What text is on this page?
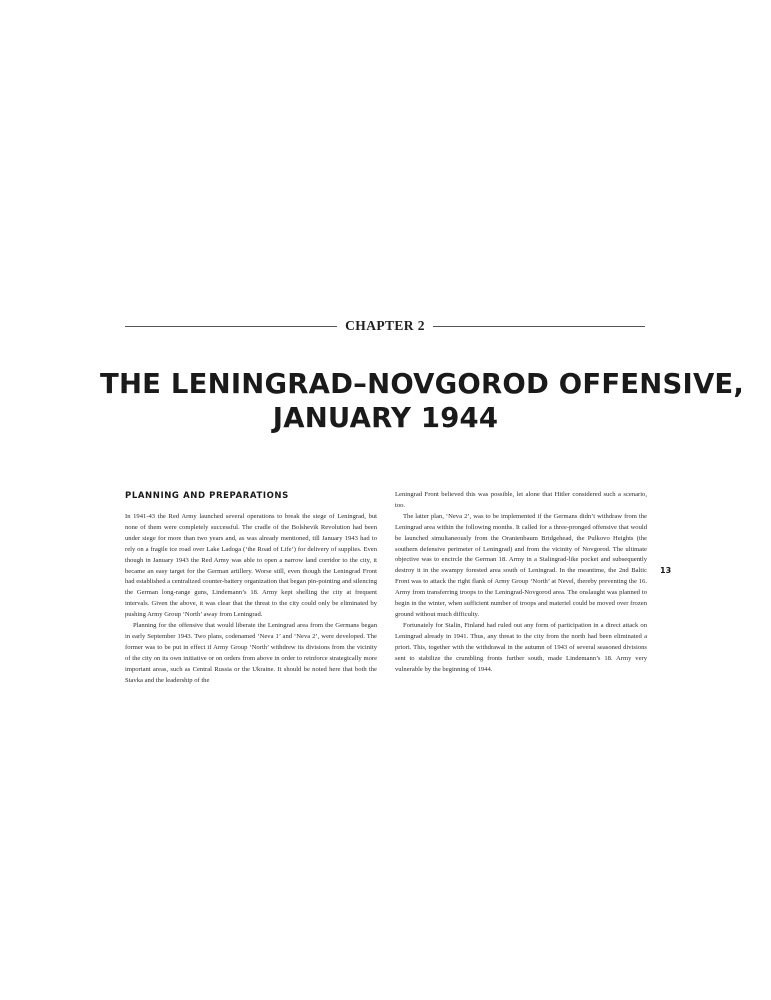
CHAPTER 2
THE LENINGRAD–NOVGOROD OFFENSIVE,
JANUARY 1944
PLANNING AND PREPARATIONS

In 1941-43 the Red Army launched several operations to break the siege of Leningrad, but none of them were completely successful. The cradle of the Bolshevik Revolution had been under siege for more than two years and, as was already mentioned, till January 1943 had to rely on a fragile ice road over Lake Ladoga (‘the Road of Life’) for delivery of supplies. Even though in January 1943 the Red Army was able to open a narrow land corridor to the city, it became an easy target for the German artillery. Worse still, even though the Leningrad Front had established a centralized counter-battery organization that began pin-pointing and silencing the German long-range guns, Lindemann’s 18. Army kept shelling the city at frequent intervals. Given the above, it was clear that the threat to the city could only be eliminated by pushing Army Group ‘North’ away from Leningrad.

Planning for the offensive that would liberate the Leningrad area from the Germans began in early September 1943. Two plans, codenamed ‘Neva 1’ and ‘Neva 2’, were developed. The former was to be put in effect if Army Group ‘North’ withdrew its divisions from the vicinity of the city on its own initiative or on orders from above in order to reinforce strategically more important areas, such as Central Russia or the Ukraine. It should be noted here that both the Stavka and the leadership of the

Leningrad Front believed this was possible, let alone that Hitler considered such a scenario, too.

The latter plan, ‘Neva 2’, was to be implemented if the Germans didn’t withdraw from the Leningrad area within the following months. It called for a three-pronged offensive that would be launched simultaneously from the Oranienbaum Bridgehead, the Pulkovo Heights (the southern defensive perimeter of Leningrad) and from the vicinity of Novgorod. The ultimate objective was to encircle the German 18. Army in a Stalingrad-like pocket and subsequently destroy it in the swampy forested area south of Leningrad. In the meantime, the 2nd Baltic Front was to attack the right flank of Army Group ‘North’ at Nevel, thereby preventing the 16. Army from transferring troops to the Leningrad-Novgorod area. The onslaught was planned to begin in the winter, when sufficient number of troops and materiel could be moved over frozen ground without much difficulty.

Fortunately for Stalin, Finland had ruled out any form of participation in a direct attack on Leningrad already in 1941. Thus, any threat to the city from the north had been eliminated a priori. This, together with the withdrawal in the autumn of 1943 of several seasoned divisions sent to stabilize the crumbling fronts further south, made Lindemann’s 18. Army very vulnerable by the beginning of 1944.

13
